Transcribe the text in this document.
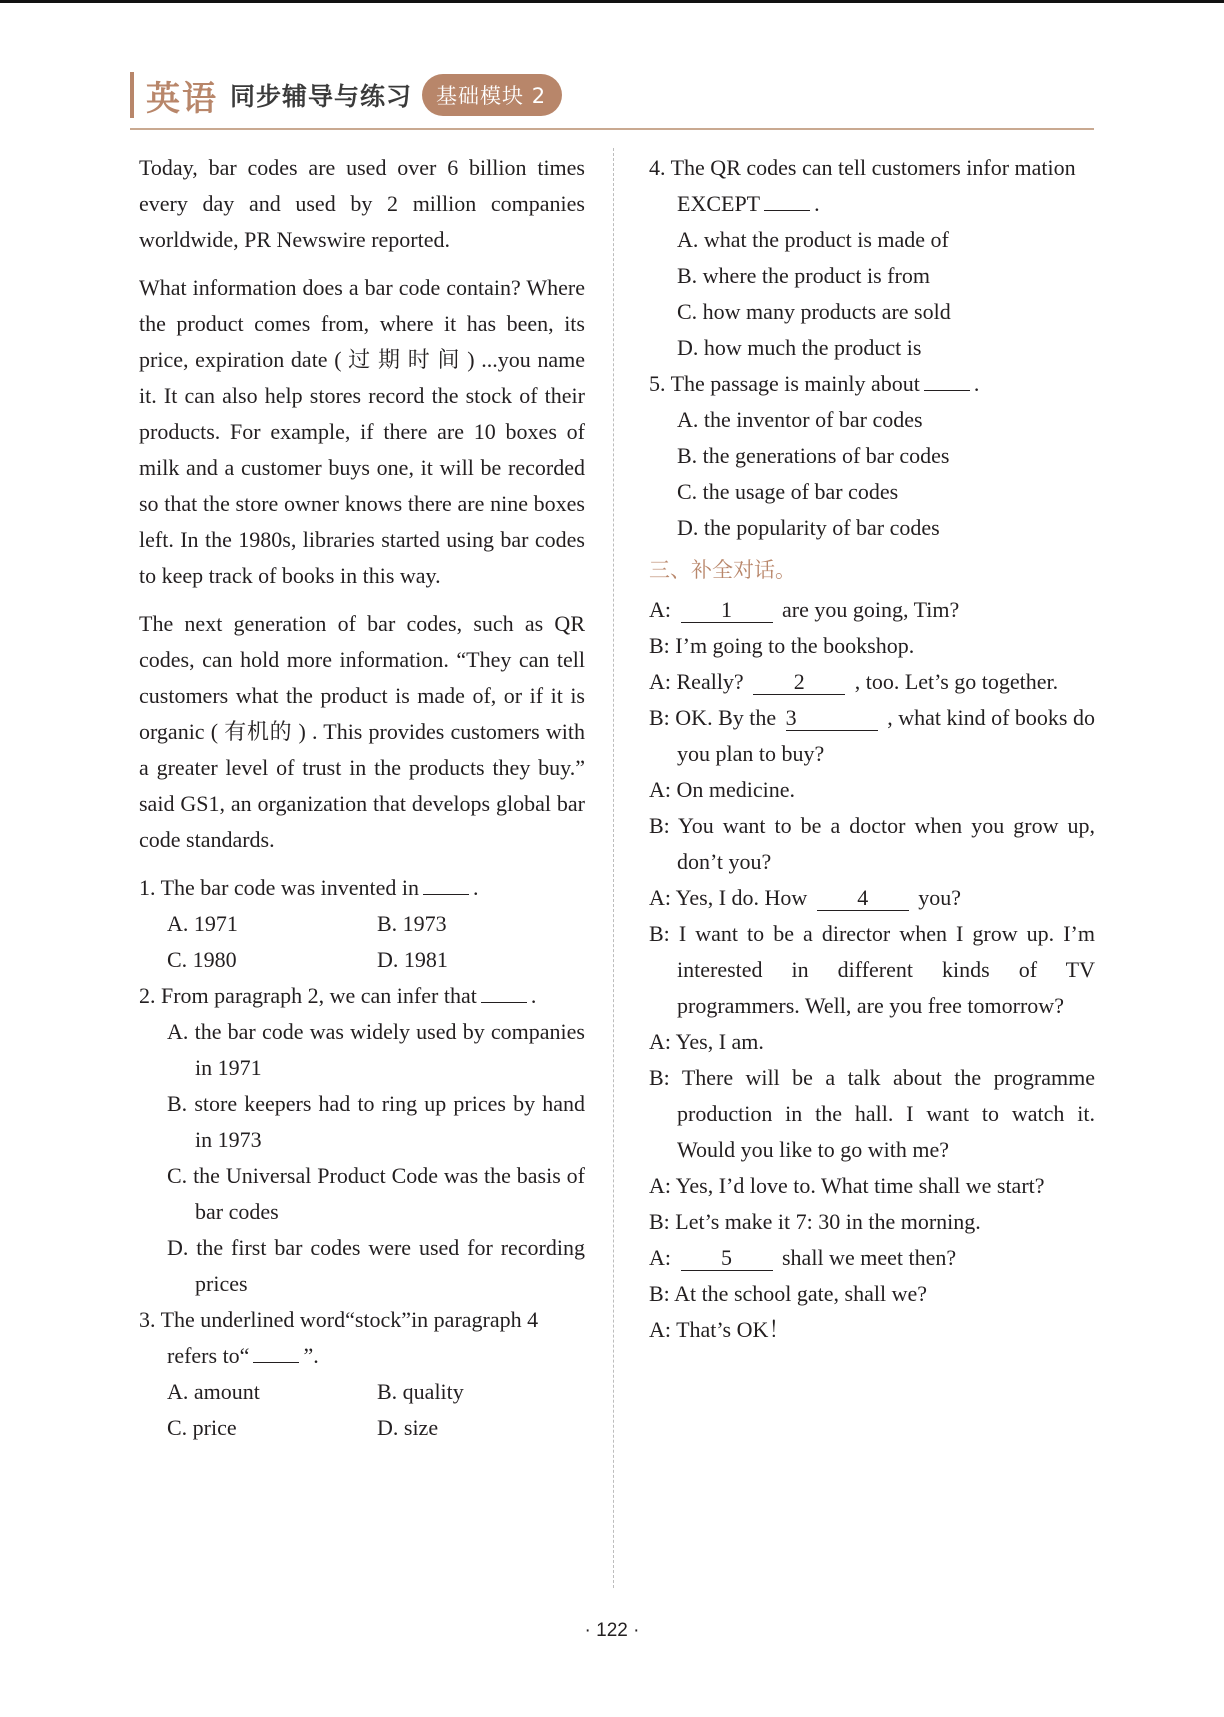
英语 同步辅导与练习	基础模块 2

Today, bar codes are used over 6 billion times every day and used by 2 million companies worldwide, PR Newswire reported.

What information does a bar code contain? Where the product comes from, where it has been, its price, expiration date ( 过 期 时 间 ) ...you name it. It can also help stores record the stock of their products. For example, if there are 10 boxes of milk and a customer buys one, it will be recorded so that the store owner knows there are nine boxes left. In the 1980s, libraries started using bar codes to keep track of books in this way.

The next generation of bar codes, such as QR codes, can hold more information. “They can tell customers what the product is made of, or if it is organic ( 有机的 ) . This provides customers with a greater level of trust in the products they buy.” said GS1, an organization that develops global bar code standards.

1. The bar code was invented in .
A. 1971	B. 1973
C. 1980	D. 1981
2. From paragraph 2, we can infer that .
A. the bar code was widely used by companies in 1971
B. store keepers had to ring up prices by hand in 1973
C. the Universal Product Code was the basis of bar codes
D. the first bar codes were used for recording prices
3. The underlined word“stock”in paragraph 4 refers to“ ”.
A. amount	B. quality
C. price	D. size
4. The QR codes can tell customers infor mation EXCEPT .
A. what the product is made of
B. where the product is from
C. how many products are sold
D. how much the product is
5. The passage is mainly about .
A. the inventor of bar codes
B. the generations of bar codes
C. the usage of bar codes
D. the popularity of bar codes
三、补全对话。
A: 1 are you going, Tim?
B: I’m going to the bookshop.
A: Really? 2 , too. Let’s go together.
B: OK. By the 3	, what kind of books do you plan to buy?
A: On medicine.
B: You want to be a doctor when you grow up, don’t you?
A: Yes, I do. How 4 you?
B: I want to be a director when I grow up. I’m interested in different kinds of TV programmers. Well, are you free tomorrow?
A: Yes, I am.
B: There will be a talk about the programme production in the hall. I want to watch it. Would you like to go with me?
A: Yes, I’d love to. What time shall we start?
B: Let’s make it 7: 30 in the morning.
A: 5 shall we meet then?
B: At the school gate, shall we?
A: That’s OK！
· 122 ·
